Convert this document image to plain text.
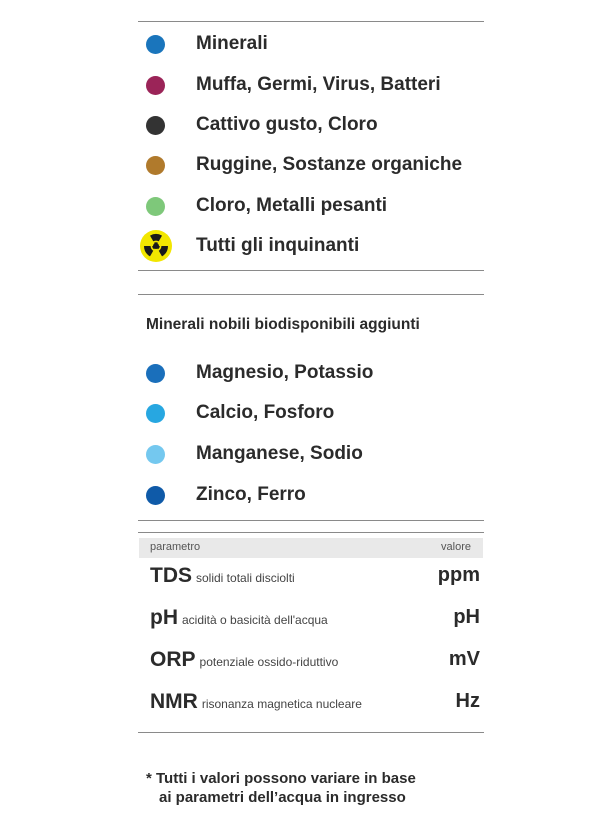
Minerali
Muffa, Germi, Virus, Batteri
Cattivo gusto, Cloro
Ruggine, Sostanze organiche
Cloro, Metalli pesanti
Tutti gli inquinanti
Minerali nobili biodisponibili aggiunti
Magnesio, Potassio
Calcio, Fosforo
Manganese, Sodio
Zinco, Ferro
parametro	valore
TDS solidi totali disciolti	ppm
pH acidità o basicità dell'acqua	pH
ORP potenziale ossido-riduttivo	mV
NMR risonanza magnetica nucleare	Hz
* Tutti i valori possono variare in base
ai parametri dell’acqua in ingresso
